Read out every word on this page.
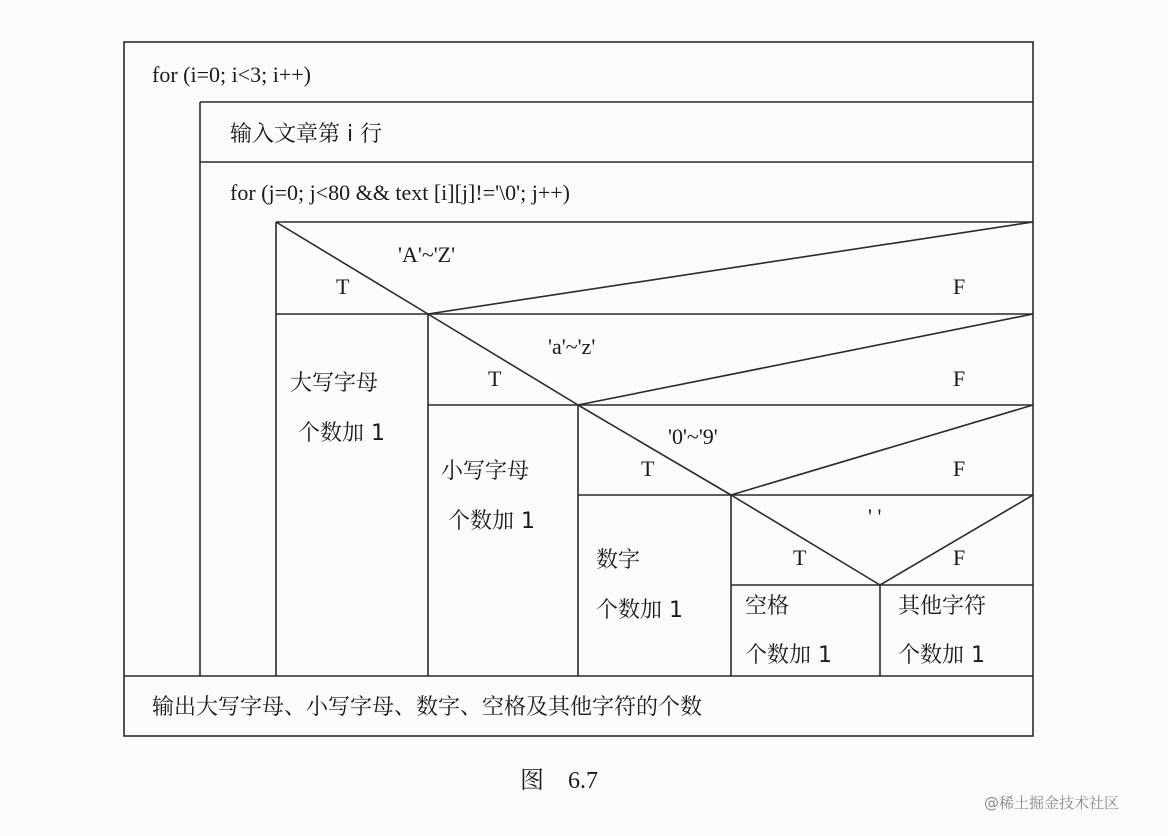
for (i=0; i<3; i++)
输入文章第 i 行
for (j=0; j<80 && text [i][j]!='\0'; j++)
'A'~'Z'
T	F
大写字母
个数加 1
'a'~'z'
T	F
小写字母
个数加 1
'0'~'9'
T	F
数字
个数加 1
' '
T	F
空格
个数加 1
其他字符
个数加 1
输出大写字母、小写字母、数字、空格及其他字符的个数
图　6.7
@稀土掘金技术社区
